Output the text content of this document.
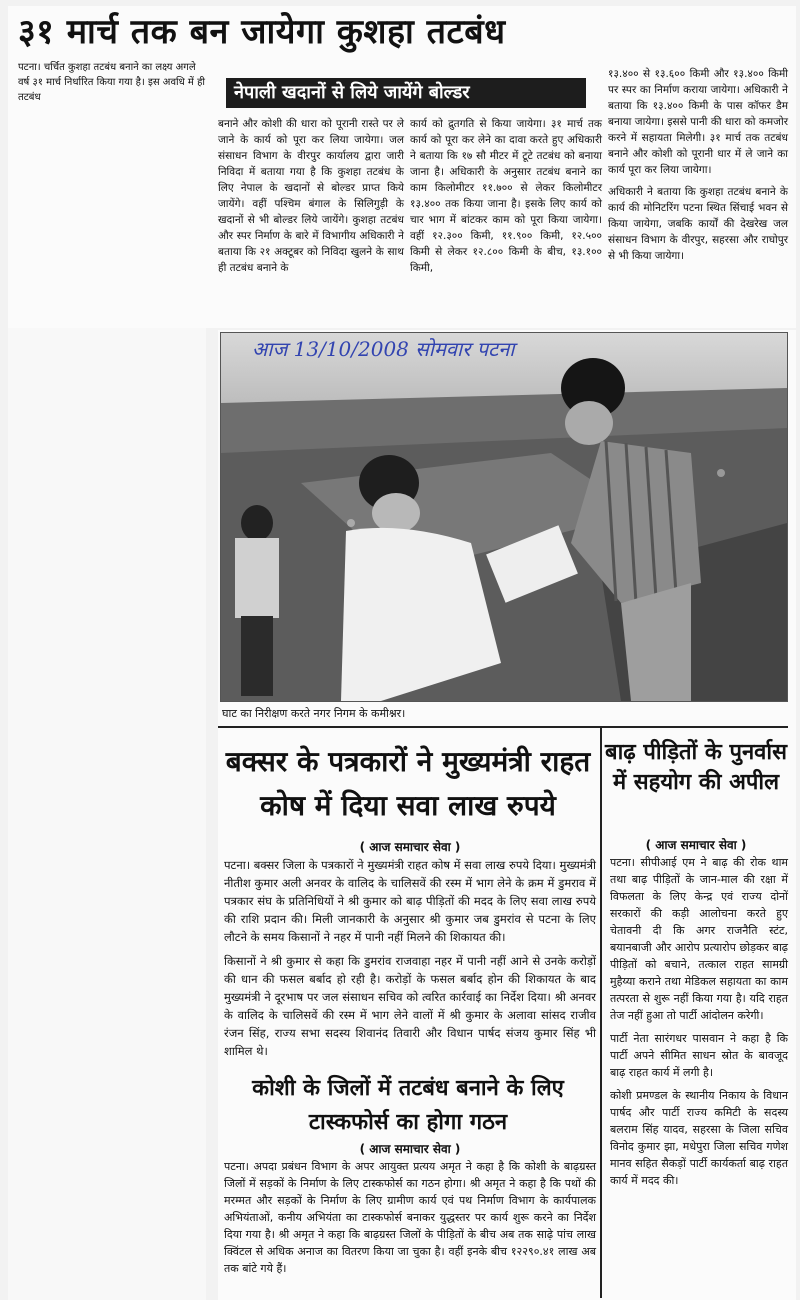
३१ मार्च तक बन जायेगा कुशहा तटबंध
पटना। चर्चित कुशहा तटबंध बनाने का लक्ष्य अगले वर्ष ३१ मार्च निर्धारित किया गया है। इस अवधि में ही तटबंध	नेपाली खदानों से लिये जायेंगे बोल्डर
बनाने और कोशी की धारा को पूरानी रास्ते पर ले जाने के कार्य को पूरा कर लिया जायेगा। जल संसाधन विभाग के वीरपुर कार्यालय द्वारा जारी निविदा में बताया गया है कि कुशहा तटबंध के लिए नेपाल के खदानों से बोल्डर प्राप्त किये जायेंगे। वहीं पश्चिम बंगाल के सिलिगुड़ी के खदानों से भी बोल्डर लिये जायेंगे। कुशहा तटबंध और स्पर निर्माण के बारे में विभागीय अधिकारी ने बताया कि २१ अक्टूबर को निविदा खुलने के साथ ही तटबंध बनाने के
कार्य को द्रुतगति से किया जायेगा। ३१ मार्च तक कार्य को पूरा कर लेने का दावा करते हुए अधिकारी ने बताया कि १७ सौ मीटर में टूटे तटबंध को बनाया जाना है। अधिकारी के अनुसार तटबंध बनाने का काम किलोमीटर ११.७०० से लेकर किलोमीटर १३.४०० तक किया जाना है। इसके लिए कार्य को चार भाग में बांटकर काम को पूरा किया जायेगा। वहीं १२.३०० किमी, ११.९०० किमी, १२.५०० किमी से लेकर १२.८०० किमी के बीच, १३.१०० किमी,

१३.४०० से १३.६०० किमी और १३.४०० किमी पर स्पर का निर्माण कराया जायेगा। अधिकारी ने बताया कि १३.४०० किमी के पास कॉफर डैम बनाया जायेगा। इससे पानी की धारा को कमजोर करने में सहायता मिलेगी। ३१ मार्च तक तटबंध बनाने और कोशी को पूरानी धार में ले जाने का कार्य पूरा कर लिया जायेगा।

अधिकारी ने बताया कि कुशहा तटबंध बनाने के कार्य की मोनिटरिंग पटना स्थित सिंचाई भवन से किया जायेगा, जबकि कार्यों की देखरेख जल संसाधन विभाग के वीरपुर, सहरसा और राघोपुर से भी किया जायेगा।

आज 13/10/2008 सोमवार पटना
घाट का निरीक्षण करते नगर निगम के कमीश्नर।
बक्सर के पत्रकारों ने मुख्यमंत्री राहत कोष में दिया सवा लाख रुपये
( आज समाचार सेवा )

पटना। बक्सर जिला के पत्रकारों ने मुख्यमंत्री राहत कोष में सवा लाख रुपये दिया। मुख्यमंत्री नीतीश कुमार अली अनवर के वालिद के चालिसवें की रस्म में भाग लेने के क्रम में डुमराव में पत्रकार संघ के प्रतिनिधियों ने श्री कुमार को बाढ़ पीड़ितों की मदद के लिए सवा लाख रुपये की राशि प्रदान की। मिली जानकारी के अनुसार श्री कुमार जब डुमरांव से पटना के लिए लौटने के समय किसानों ने नहर में पानी नहीं मिलने की शिकायत की।

किसानों ने श्री कुमार से कहा कि डुमरांव राजवाहा नहर में पानी नहीं आने से उनके करोड़ों की धान की फसल बर्बाद हो रही है। करोड़ों के फसल बर्बाद होन की शिकायत के बाद मुख्यमंत्री ने दूरभाष पर जल संसाधन सचिव को त्वरित कार्रवाई का निर्देश दिया। श्री अनवर के वालिद के चालिसवें की रस्म में भाग लेने वालों में श्री कुमार के अलावा सांसद राजीव रंजन सिंह, राज्य सभा सदस्य शिवानंद तिवारी और विधान पार्षद संजय कुमार सिंह भी शामिल थे।

कोशी के जिलों में तटबंध बनाने के लिए टास्कफोर्स का होगा गठन
( आज समाचार सेवा )
पटना। अपदा प्रबंधन विभाग के अपर आयुक्त प्रत्यय अमृत ने कहा है कि कोशी के बाढ़ग्रस्त जिलों में सड़कों के निर्माण के लिए टास्कफोर्स का गठन होगा। श्री अमृत ने कहा है कि पथों की मरम्मत और सड़कों के निर्माण के लिए ग्रामीण कार्य एवं पथ निर्माण विभाग के कार्यपालक अभियंताओं, कनीय अभियंता का टास्कफोर्स बनाकर युद्धस्तर पर कार्य शुरू करने का निर्देश दिया गया है। श्री अमृत ने कहा कि बाढ़ग्रस्त जिलों के पीड़ितों के बीच अब तक साढ़े पांच लाख क्विंटल से अधिक अनाज का वितरण किया जा चुका है। वहीं इनके बीच १२२९०.४१ लाख अब तक बांटे गये हैं।
बाढ़ पीड़ितों के पुनर्वास में सहयोग की अपील
( आज समाचार सेवा )

पटना। सीपीआई एम ने बाढ़ की रोक थाम तथा बाढ़ पीड़ितों के जान-माल की रक्षा में विफलता के लिए केन्द्र एवं राज्य दोनों सरकारों की कड़ी आलोचना करते हुए चेतावनी दी कि अगर राजनैति स्टंट, बयानबाजी और आरोप प्रत्यारोप छोड़कर बाढ़ पीड़ितों को बचाने, तत्काल राहत सामग्री मुहैय्या कराने तथा मेडिकल सहायता का काम तत्परता से शुरू नहीं किया गया है। यदि राहत तेज नहीं हुआ तो पार्टी आंदोलन करेगी।

पार्टी नेता सारंगधर पासवान ने कहा है कि पार्टी अपने सीमित साधन स्रोत के बावजूद बाढ़ राहत कार्य में लगी है।

कोशी प्रमण्डल के स्थानीय निकाय के विधान पार्षद और पार्टी राज्य कमिटी के सदस्य बलराम सिंह यादव, सहरसा के जिला सचिव विनोद कुमार झा, मधेपुरा जिला सचिव गणेश मानव सहित सैकड़ों पार्टी कार्यकर्ता बाढ़ राहत कार्य में मदद की।
